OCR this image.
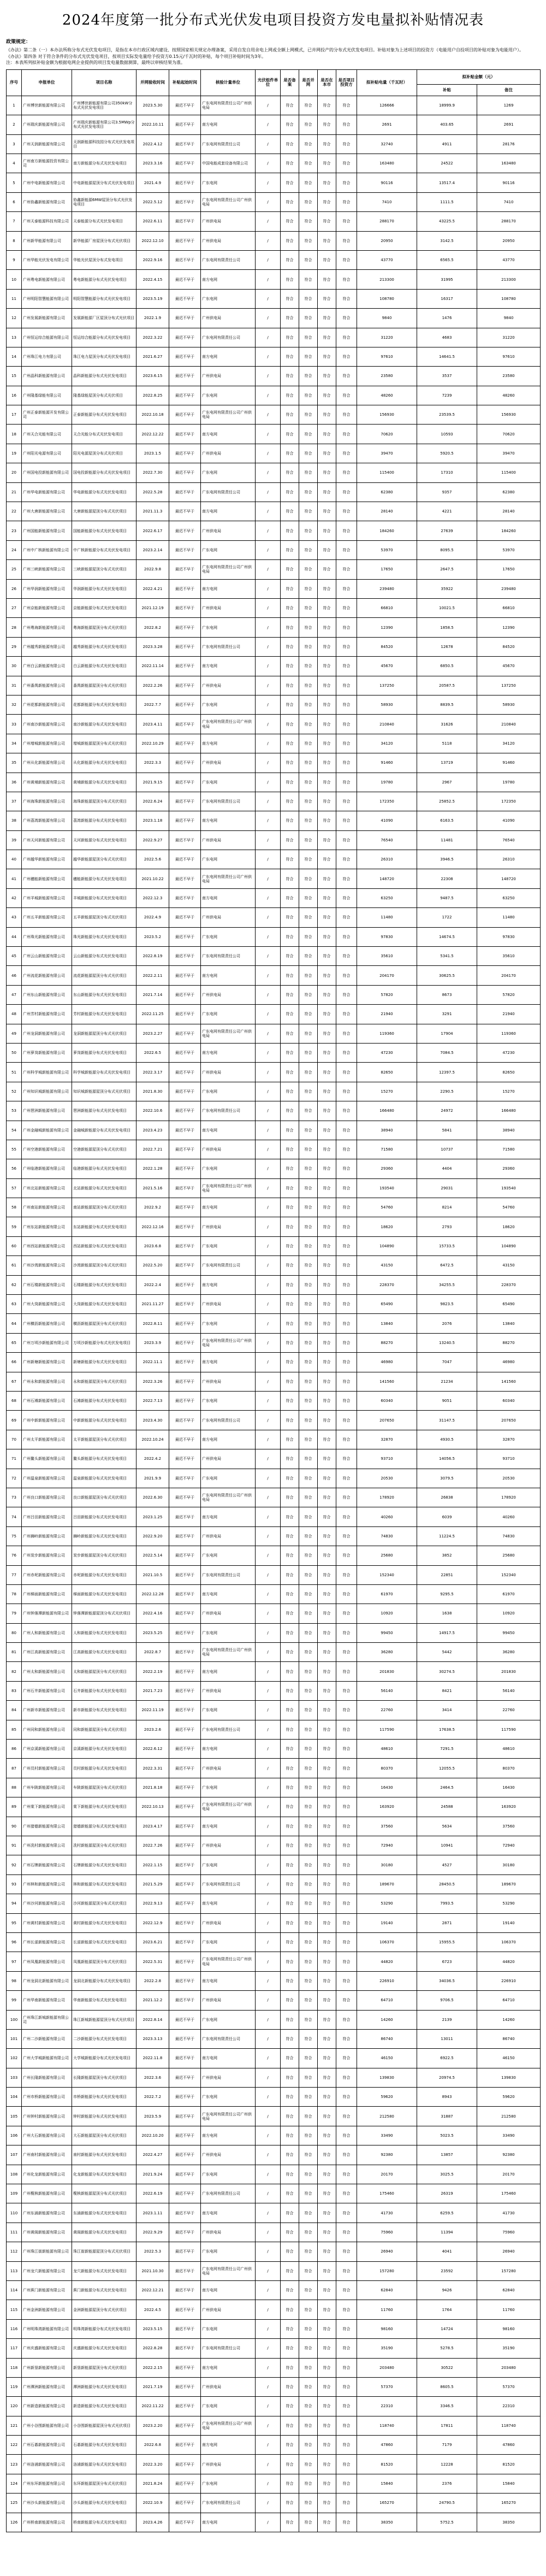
2024年度第一批分布式光伏发电项目投资方发电量拟补贴情况表
政策规定：

《办法》第二条（一）本办法所称分布式光伏发电项目，是指在本市行政区域内建设、按照国家相关规定办理备案，采用自发自用余电上网或全额上网模式，已并网投产的分布式光伏发电项目。补贴对象为上述项目的投资方（电能用户自投项目的补贴对象为电能用户）。

《办法》第四条 对于符合条件的分布式光伏发电项目，按项目实际发电量给予投资方0.15元/千瓦时的补贴，每个项目补贴时间为3年。

注：本表所列拟补贴金额为根据电网企业提供的项目发电量数据测算，最终以审核结果为准。

序号	申报单位	项目名称	并网验收时间	补贴起始时间	核验计量单位	光伏组件单位	是否备案	是否并网	是否在本市	是否项目投资方	拟补贴电量（千瓦时）	拟补贴金额（元）	
												补贴	备注
1	广州博世新能源有限公司	广州博世新能源有限公司350kW分布式光伏发电项目	2023.5.30	最迟不早于	广东电网有限责任公司广州供电局	/	符合	符合	符合	符合	126666	18999.9	1269
2	广州瑞庆新能源有限公司	广州瑞庆新能源有限公司3.5MWp分布式光伏发电项目	2022.10.11	最迟不早于	南方电网	/	符合	符合	符合	符合	2691	403.65	2691
3	广州天润新能源有限公司	天润新能源科技园分布式光伏发电项目	2022.4.12	最迟不早于	广东电网有限责任公司	/	符合	符合	符合	符合	32740	4911	28176
4	广州南方新能源投资有限公司	南方新能源分布式光伏发电项目	2023.3.16	最迟不早于	中国电能成套设备有限公司	/	符合	符合	符合	符合	163480	24522	163480
5	广州中电新能源有限公司	中电新能源屋顶分布式光伏发电项目	2021.4.9	最迟不早于	广东电网	/	符合	符合	符合	符合	90116	13517.4	90116
6	广州协鑫新能源有限公司	协鑫新能源6MW屋顶分布式光伏发电项目	2022.5.12	最迟不早于	广东电网有限责任公司广州供电局	/	符合	符合	符合	符合	7410	1111.5	7410
7	广州天泰能源科技有限公司	天泰能源分布式光伏发电项目	2022.6.11	最迟不早于	广州供电局	/	符合	符合	符合	符合	288170	43225.5	288170
8	广州新华能源有限公司	新华能源厂房屋顶分布式光伏项目	2022.12.10	最迟不早于	广州供电局	/	符合	符合	符合	符合	20950	3142.5	20950
9	广州华能光伏发电有限公司	华能光伏屋顶分布式发电项目	2022.9.16	最迟不早于	广东电网有限责任公司	/	符合	符合	符合	符合	43770	6565.5	43770
10	广州粤电新能源有限公司	粤电新能源分布式光伏发电项目	2022.4.15	最迟不早于	南方电网	/	符合	符合	符合	符合	213300	31995	213300
11	广州明阳智慧能源有限公司	明阳智慧能源分布式光伏发电项目	2023.5.19	最迟不早于	广东电网	/	符合	符合	符合	符合	108780	16317	108780
12	广州发展新能源有限公司	发展新能源厂区屋顶分布式光伏项目	2022.1.9	最迟不早于	广州供电局	/	符合	符合	符合	符合	9840	1476	9840
13	广州恒运综合能源有限公司	恒运综合能源分布式光伏发电项目	2022.3.22	最迟不早于	广东电网有限责任公司	/	符合	符合	符合	符合	31220	4683	31220
14	广州珠江电力有限公司	珠江电力屋顶分布式光伏发电项目	2021.6.27	最迟不早于	南方电网	/	符合	符合	符合	符合	97610	14641.5	97610
15	广州晶科新能源有限公司	晶科新能源分布式光伏发电项目	2023.6.15	最迟不早于	广州供电局	/	符合	符合	符合	符合	23580	3537	23580
16	广州隆基绿能有限公司	隆基绿能屋顶分布式光伏项目	2022.8.25	最迟不早于	广东电网	/	符合	符合	符合	符合	48260	7239	48260
17	广州正泰新能源开发有限公司	正泰新能源分布式光伏发电项目	2022.10.18	最迟不早于	广东电网有限责任公司广州供电局	/	符合	符合	符合	符合	156930	23539.5	156930
18	广州天合光能有限公司	天合光能分布式光伏发电项目	2022.12.22	最迟不早于	南方电网	/	符合	符合	符合	符合	70620	10593	70620
19	广州阳光电源有限公司	阳光电源屋顶分布式光伏项目	2023.1.5	最迟不早于	广州供电局	/	符合	符合	符合	符合	39470	5920.5	39470
20	广州国电投新能源有限公司	国电投新能源分布式光伏发电项目	2022.7.30	最迟不早于	广东电网	/	符合	符合	符合	符合	115400	17310	115400
21	广州华电新能源有限公司	华电新能源分布式光伏发电项目	2022.5.28	最迟不早于	广东电网有限责任公司	/	符合	符合	符合	符合	62380	9357	62380
22	广州大唐新能源有限公司	大唐新能源屋顶分布式光伏项目	2021.11.3	最迟不早于	南方电网	/	符合	符合	符合	符合	28140	4221	28140
23	广州国能新能源有限公司	国能新能源分布式光伏发电项目	2022.6.17	最迟不早于	广州供电局	/	符合	符合	符合	符合	184260	27639	184260
24	广州中广核新能源有限公司	中广核新能源分布式光伏发电项目	2023.2.14	最迟不早于	广东电网	/	符合	符合	符合	符合	53970	8095.5	53970
25	广州三峡新能源有限公司	三峡新能源屋顶分布式光伏项目	2022.9.8	最迟不早于	广东电网有限责任公司广州供电局	/	符合	符合	符合	符合	17650	2647.5	17650
26	广州华润新能源有限公司	华润新能源分布式光伏发电项目	2022.4.21	最迟不早于	南方电网	/	符合	符合	符合	符合	239480	35922	239480
27	广州京能新能源有限公司	京能新能源分布式光伏发电项目	2021.12.19	最迟不早于	广州供电局	/	符合	符合	符合	符合	66810	10021.5	66810
28	广州粤海新能源有限公司	粤海新能源屋顶分布式光伏项目	2022.8.2	最迟不早于	广东电网	/	符合	符合	符合	符合	12390	1858.5	12390
29	广州越秀新能源有限公司	越秀新能源分布式光伏发电项目	2023.3.28	最迟不早于	广东电网有限责任公司	/	符合	符合	符合	符合	84520	12678	84520
30	广州白云新能源有限公司	白云新能源分布式光伏发电项目	2022.11.14	最迟不早于	南方电网	/	符合	符合	符合	符合	45670	6850.5	45670
31	广州番禺新能源有限公司	番禺新能源屋顶分布式光伏项目	2022.2.26	最迟不早于	广州供电局	/	符合	符合	符合	符合	137250	20587.5	137250
32	广州花都新能源有限公司	花都新能源分布式光伏发电项目	2022.7.7	最迟不早于	广东电网	/	符合	符合	符合	符合	58930	8839.5	58930
33	广州南沙新能源有限公司	南沙新能源分布式光伏发电项目	2023.4.11	最迟不早于	广东电网有限责任公司广州供电局	/	符合	符合	符合	符合	210840	31626	210840
34	广州增城新能源有限公司	增城新能源屋顶分布式光伏项目	2022.10.29	最迟不早于	南方电网	/	符合	符合	符合	符合	34120	5118	34120
35	广州从化新能源有限公司	从化新能源分布式光伏发电项目	2022.3.3	最迟不早于	广州供电局	/	符合	符合	符合	符合	91460	13719	91460
36	广州黄埔新能源有限公司	黄埔新能源分布式光伏发电项目	2021.9.15	最迟不早于	广东电网	/	符合	符合	符合	符合	19780	2967	19780
37	广州海珠新能源有限公司	海珠新能源屋顶分布式光伏项目	2022.6.24	最迟不早于	广东电网有限责任公司	/	符合	符合	符合	符合	172350	25852.5	172350
38	广州荔湾新能源有限公司	荔湾新能源分布式光伏发电项目	2023.1.18	最迟不早于	南方电网	/	符合	符合	符合	符合	41090	6163.5	41090
39	广州天河新能源有限公司	天河新能源分布式光伏发电项目	2022.9.27	最迟不早于	广州供电局	/	符合	符合	符合	符合	76540	11481	76540
40	广州越华新能源有限公司	越华新能源屋顶分布式光伏项目	2022.5.6	最迟不早于	广东电网	/	符合	符合	符合	符合	26310	3946.5	26310
41	广州穗能新能源有限公司	穗能新能源分布式光伏发电项目	2021.10.22	最迟不早于	广东电网有限责任公司广州供电局	/	符合	符合	符合	符合	148720	22308	148720
42	广州羊城新能源有限公司	羊城新能源分布式光伏发电项目	2022.12.3	最迟不早于	南方电网	/	符合	符合	符合	符合	63250	9487.5	63250
43	广州五羊新能源有限公司	五羊新能源屋顶分布式光伏项目	2022.4.9	最迟不早于	广州供电局	/	符合	符合	符合	符合	11480	1722	11480
44	广州珠光新能源有限公司	珠光新能源分布式光伏发电项目	2023.5.2	最迟不早于	广东电网	/	符合	符合	符合	符合	97830	14674.5	97830
45	广州云山新能源有限公司	云山新能源分布式光伏发电项目	2022.8.19	最迟不早于	广东电网有限责任公司	/	符合	符合	符合	符合	35610	5341.5	35610
46	广州流花新能源有限公司	流花新能源屋顶分布式光伏项目	2022.2.11	最迟不早于	南方电网	/	符合	符合	符合	符合	204170	30625.5	204170
47	广州东山新能源有限公司	东山新能源分布式光伏发电项目	2021.7.14	最迟不早于	广州供电局	/	符合	符合	符合	符合	57820	8673	57820
48	广州芳村新能源有限公司	芳村新能源分布式光伏发电项目	2022.11.25	最迟不早于	广东电网	/	符合	符合	符合	符合	21940	3291	21940
49	广州龙洞新能源有限公司	龙洞新能源屋顶分布式光伏项目	2023.2.27	最迟不早于	广东电网有限责任公司广州供电局	/	符合	符合	符合	符合	119360	17904	119360
50	广州萝岗新能源有限公司	萝岗新能源分布式光伏发电项目	2022.6.5	最迟不早于	南方电网	/	符合	符合	符合	符合	47230	7084.5	47230
51	广州科学城新能源有限公司	科学城新能源分布式光伏发电项目	2022.3.17	最迟不早于	广州供电局	/	符合	符合	符合	符合	82650	12397.5	82650
52	广州知识城新能源有限公司	知识城新能源屋顶分布式光伏项目	2021.8.30	最迟不早于	广东电网	/	符合	符合	符合	符合	15270	2290.5	15270
53	广州琶洲新能源有限公司	琶洲新能源分布式光伏发电项目	2022.10.6	最迟不早于	广东电网有限责任公司	/	符合	符合	符合	符合	166480	24972	166480
54	广州金融城新能源有限公司	金融城新能源分布式光伏发电项目	2023.4.23	最迟不早于	南方电网	/	符合	符合	符合	符合	38940	5841	38940
55	广州空港新能源有限公司	空港新能源屋顶分布式光伏项目	2022.7.21	最迟不早于	广州供电局	/	符合	符合	符合	符合	71580	10737	71580
56	广州临港新能源有限公司	临港新能源分布式光伏发电项目	2022.1.28	最迟不早于	广东电网	/	符合	符合	符合	符合	29360	4404	29360
57	广州北站新能源有限公司	北站新能源分布式光伏发电项目	2021.5.16	最迟不早于	广东电网有限责任公司广州供电局	/	符合	符合	符合	符合	193540	29031	193540
58	广州南站新能源有限公司	南站新能源屋顶分布式光伏项目	2022.9.2	最迟不早于	南方电网	/	符合	符合	符合	符合	54760	8214	54760
59	广州东站新能源有限公司	东站新能源分布式光伏发电项目	2022.12.16	最迟不早于	广州供电局	/	符合	符合	符合	符合	18620	2793	18620
60	广州西站新能源有限公司	西站新能源分布式光伏发电项目	2023.6.8	最迟不早于	广东电网	/	符合	符合	符合	符合	104890	15733.5	104890
61	广州沙湾新能源有限公司	沙湾新能源屋顶分布式光伏项目	2022.5.20	最迟不早于	广东电网有限责任公司	/	符合	符合	符合	符合	43150	6472.5	43150
62	广州石楼新能源有限公司	石楼新能源分布式光伏发电项目	2022.2.4	最迟不早于	南方电网	/	符合	符合	符合	符合	228370	34255.5	228370
63	广州大岗新能源有限公司	大岗新能源分布式光伏发电项目	2021.11.27	最迟不早于	广州供电局	/	符合	符合	符合	符合	65490	9823.5	65490
64	广州横沥新能源有限公司	横沥新能源屋顶分布式光伏项目	2022.8.11	最迟不早于	广东电网	/	符合	符合	符合	符合	13840	2076	13840
65	广州万顷沙新能源有限公司	万顷沙新能源分布式光伏发电项目	2023.3.9	最迟不早于	广东电网有限责任公司广州供电局	/	符合	符合	符合	符合	88270	13240.5	88270
66	广州新塘新能源有限公司	新塘新能源分布式光伏发电项目	2022.11.1	最迟不早于	南方电网	/	符合	符合	符合	符合	46980	7047	46980
67	广州永和新能源有限公司	永和新能源屋顶分布式光伏项目	2022.3.26	最迟不早于	广州供电局	/	符合	符合	符合	符合	141560	21234	141560
68	广州石滩新能源有限公司	石滩新能源分布式光伏发电项目	2022.7.13	最迟不早于	广东电网	/	符合	符合	符合	符合	60340	9051	60340
69	广州中新新能源有限公司	中新新能源分布式光伏发电项目	2023.4.30	最迟不早于	广东电网有限责任公司	/	符合	符合	符合	符合	207650	31147.5	207650
70	广州太平新能源有限公司	太平新能源屋顶分布式光伏项目	2022.10.24	最迟不早于	南方电网	/	符合	符合	符合	符合	32870	4930.5	32870
71	广州鳌头新能源有限公司	鳌头新能源分布式光伏发电项目	2022.4.2	最迟不早于	广州供电局	/	符合	符合	符合	符合	93710	14056.5	93710
72	广州温泉新能源有限公司	温泉新能源分布式光伏发电项目	2021.9.9	最迟不早于	广东电网	/	符合	符合	符合	符合	20530	3079.5	20530
73	广州良口新能源有限公司	良口新能源屋顶分布式光伏项目	2022.6.30	最迟不早于	广东电网有限责任公司广州供电局	/	符合	符合	符合	符合	178920	26838	178920
74	广州吕田新能源有限公司	吕田新能源分布式光伏发电项目	2023.1.25	最迟不早于	南方电网	/	符合	符合	符合	符合	40260	6039	40260
75	广州狮岭新能源有限公司	狮岭新能源分布式光伏发电项目	2022.9.20	最迟不早于	广州供电局	/	符合	符合	符合	符合	74830	11224.5	74830
76	广州炭步新能源有限公司	炭步新能源屋顶分布式光伏项目	2022.5.14	最迟不早于	广东电网	/	符合	符合	符合	符合	25680	3852	25680
77	广州赤坭新能源有限公司	赤坭新能源分布式光伏发电项目	2021.10.5	最迟不早于	广东电网有限责任公司	/	符合	符合	符合	符合	152340	22851	152340
78	广州梯面新能源有限公司	梯面新能源分布式光伏发电项目	2022.12.28	最迟不早于	南方电网	/	符合	符合	符合	符合	61970	9295.5	61970
79	广州钟落潭新能源有限公司	钟落潭新能源屋顶分布式光伏项目	2022.4.16	最迟不早于	广州供电局	/	符合	符合	符合	符合	10920	1638	10920
80	广州人和新能源有限公司	人和新能源分布式光伏发电项目	2023.5.25	最迟不早于	广东电网	/	符合	符合	符合	符合	99450	14917.5	99450
81	广州江高新能源有限公司	江高新能源分布式光伏发电项目	2022.8.7	最迟不早于	广东电网有限责任公司广州供电局	/	符合	符合	符合	符合	36280	5442	36280
82	广州太和新能源有限公司	太和新能源屋顶分布式光伏项目	2022.2.19	最迟不早于	南方电网	/	符合	符合	符合	符合	201830	30274.5	201830
83	广州石井新能源有限公司	石井新能源分布式光伏发电项目	2021.7.23	最迟不早于	广州供电局	/	符合	符合	符合	符合	56140	8421	56140
84	广州新市新能源有限公司	新市新能源分布式光伏发电项目	2022.11.19	最迟不早于	广东电网	/	符合	符合	符合	符合	22760	3414	22760
85	广州同和新能源有限公司	同和新能源屋顶分布式光伏项目	2023.2.6	最迟不早于	广东电网有限责任公司	/	符合	符合	符合	符合	117590	17638.5	117590
86	广州京溪新能源有限公司	京溪新能源分布式光伏发电项目	2022.6.12	最迟不早于	南方电网	/	符合	符合	符合	符合	48610	7291.5	48610
87	广州员村新能源有限公司	员村新能源分布式光伏发电项目	2022.3.31	最迟不早于	广州供电局	/	符合	符合	符合	符合	80370	12055.5	80370
88	广州车陂新能源有限公司	车陂新能源屋顶分布式光伏项目	2021.8.18	最迟不早于	广东电网	/	符合	符合	符合	符合	16430	2464.5	16430
89	广州棠下新能源有限公司	棠下新能源分布式光伏发电项目	2022.10.13	最迟不早于	广东电网有限责任公司广州供电局	/	符合	符合	符合	符合	163920	24588	163920
90	广州猎德新能源有限公司	猎德新能源分布式光伏发电项目	2023.4.17	最迟不早于	南方电网	/	符合	符合	符合	符合	37560	5634	37560
91	广州冼村新能源有限公司	冼村新能源屋顶分布式光伏项目	2022.7.26	最迟不早于	广州供电局	/	符合	符合	符合	符合	72940	10941	72940
92	广州石牌新能源有限公司	石牌新能源分布式光伏发电项目	2022.1.15	最迟不早于	广东电网	/	符合	符合	符合	符合	30180	4527	30180
93	广州林和新能源有限公司	林和新能源分布式光伏发电项目	2021.5.29	最迟不早于	广东电网有限责任公司	/	符合	符合	符合	符合	189670	28450.5	189670
94	广州沙河新能源有限公司	沙河新能源屋顶分布式光伏项目	2022.9.13	最迟不早于	南方电网	/	符合	符合	符合	符合	53290	7993.5	53290
95	广州黄村新能源有限公司	黄村新能源分布式光伏发电项目	2022.12.9	最迟不早于	广州供电局	/	符合	符合	符合	符合	19140	2871	19140
96	广州长湴新能源有限公司	长湴新能源分布式光伏发电项目	2023.6.21	最迟不早于	广东电网	/	符合	符合	符合	符合	106370	15955.5	106370
97	广州凤凰新能源有限公司	凤凰新能源屋顶分布式光伏项目	2022.5.31	最迟不早于	广东电网有限责任公司广州供电局	/	符合	符合	符合	符合	44820	6723	44820
98	广州龙洞北新能源有限公司	龙洞北新能源分布式光伏发电项目	2022.2.8	最迟不早于	南方电网	/	符合	符合	符合	符合	226910	34036.5	226910
99	广州华南新能源有限公司	华南新能源分布式光伏发电项目	2021.12.2	最迟不早于	广州供电局	/	符合	符合	符合	符合	64710	9706.5	64710
100	广州珠江新城新能源有限公司	珠江新城新能源屋顶分布式光伏项目	2022.8.14	最迟不早于	广东电网	/	符合	符合	符合	符合	14260	2139	14260
101	广州二沙新能源有限公司	二沙新能源分布式光伏发电项目	2023.3.13	最迟不早于	广东电网有限责任公司	/	符合	符合	符合	符合	86740	13011	86740
102	广州大学城新能源有限公司	大学城新能源分布式光伏发电项目	2022.11.8	最迟不早于	南方电网	/	符合	符合	符合	符合	46150	6922.5	46150
103	广州长隆新能源有限公司	长隆新能源屋顶分布式光伏项目	2022.3.6	最迟不早于	广州供电局	/	符合	符合	符合	符合	139830	20974.5	139830
104	广州市桥新能源有限公司	市桥新能源分布式光伏发电项目	2022.7.2	最迟不早于	广东电网	/	符合	符合	符合	符合	59620	8943	59620
105	广州钟村新能源有限公司	钟村新能源分布式光伏发电项目	2023.5.9	最迟不早于	广东电网有限责任公司广州供电局	/	符合	符合	符合	符合	212580	31887	212580
106	广州大石新能源有限公司	大石新能源屋顶分布式光伏项目	2022.10.20	最迟不早于	南方电网	/	符合	符合	符合	符合	33490	5023.5	33490
107	广州南村新能源有限公司	南村新能源分布式光伏发电项目	2022.4.27	最迟不早于	广州供电局	/	符合	符合	符合	符合	92380	13857	92380
108	广州化龙新能源有限公司	化龙新能源分布式光伏发电项目	2021.9.24	最迟不早于	广东电网	/	符合	符合	符合	符合	20170	3025.5	20170
109	广州榄核新能源有限公司	榄核新能源屋顶分布式光伏项目	2022.6.19	最迟不早于	广东电网有限责任公司	/	符合	符合	符合	符合	175460	26319	175460
110	广州东涌新能源有限公司	东涌新能源分布式光伏发电项目	2023.1.11	最迟不早于	南方电网	/	符合	符合	符合	符合	41730	6259.5	41730
111	广州黄阁新能源有限公司	黄阁新能源分布式光伏发电项目	2022.9.29	最迟不早于	广州供电局	/	符合	符合	符合	符合	75960	11394	75960
112	广州珠江街新能源有限公司	珠江街新能源屋顶分布式光伏项目	2022.5.3	最迟不早于	广东电网	/	符合	符合	符合	符合	26940	4041	26940
113	广州龙穴新能源有限公司	龙穴新能源分布式光伏发电项目	2021.10.30	最迟不早于	广东电网有限责任公司广州供电局	/	符合	符合	符合	符合	157280	23592	157280
114	广州蕉门新能源有限公司	蕉门新能源分布式光伏发电项目	2022.12.21	最迟不早于	南方电网	/	符合	符合	符合	符合	62840	9426	62840
115	广州金洲新能源有限公司	金洲新能源屋顶分布式光伏项目	2022.4.5	最迟不早于	广州供电局	/	符合	符合	符合	符合	11760	1764	11760
116	广州明珠湾新能源有限公司	明珠湾新能源分布式光伏发电项目	2023.5.15	最迟不早于	广东电网	/	符合	符合	符合	符合	98160	14724	98160
117	广州庆盛新能源有限公司	庆盛新能源分布式光伏发电项目	2022.8.28	最迟不早于	广东电网有限责任公司	/	符合	符合	符合	符合	35190	5278.5	35190
118	广州新垦新能源有限公司	新垦新能源屋顶分布式光伏项目	2022.2.15	最迟不早于	南方电网	/	符合	符合	符合	符合	203480	30522	203480
119	广州潭洲新能源有限公司	潭洲新能源分布式光伏发电项目	2021.7.19	最迟不早于	广州供电局	/	符合	符合	符合	符合	57370	8605.5	57370
120	广州新造新能源有限公司	新造新能源分布式光伏发电项目	2022.11.22	最迟不早于	广东电网	/	符合	符合	符合	符合	22310	3346.5	22310
121	广州小谷围新能源有限公司	小谷围新能源屋顶分布式光伏项目	2023.2.20	最迟不早于	广东电网有限责任公司广州供电局	/	符合	符合	符合	符合	118740	17811	118740
122	广州石碁新能源有限公司	石碁新能源分布式光伏发电项目	2022.6.8	最迟不早于	南方电网	/	符合	符合	符合	符合	47860	7179	47860
123	广州洛浦新能源有限公司	洛浦新能源分布式光伏发电项目	2022.3.20	最迟不早于	广州供电局	/	符合	符合	符合	符合	81520	12228	81520
124	广州东环新能源有限公司	东环新能源屋顶分布式光伏项目	2021.8.24	最迟不早于	广东电网	/	符合	符合	符合	符合	15840	2376	15840
125	广州沙头新能源有限公司	沙头新能源分布式光伏发电项目	2022.10.9	最迟不早于	广东电网有限责任公司	/	符合	符合	符合	符合	165270	24790.5	165270
126	广州桥南新能源有限公司	桥南新能源分布式光伏发电项目	2023.4.26	最迟不早于	南方电网	/	符合	符合	符合	符合	38350	5752.5	38350
